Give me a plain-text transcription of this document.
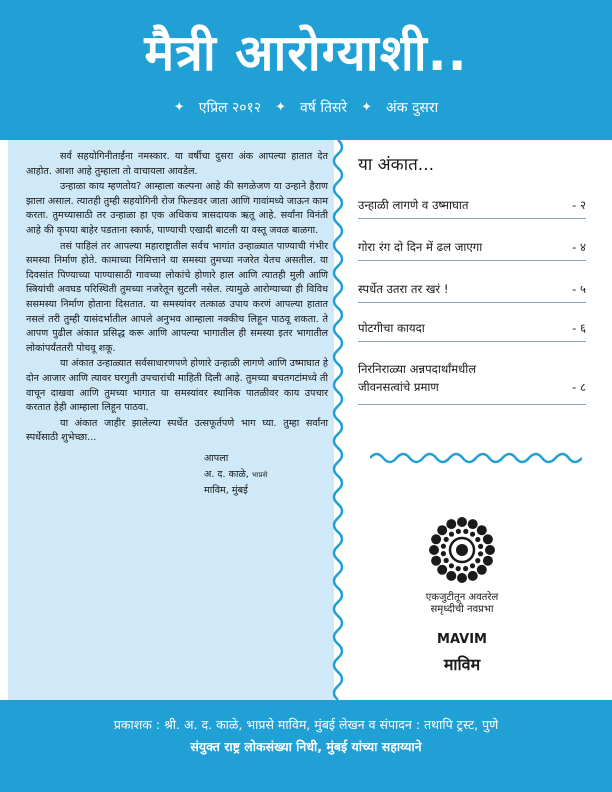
मैत्री आरोग्याशी..
✦ एप्रिल २०१२ ✦ वर्ष तिसरे ✦ अंक दुसरा

सर्व सहयोगिनीताईंना नमस्कार. या वर्षीचा दुसरा अंक आपल्या हातात देत आहोत. आशा आहे तुम्हाला तो वाचायला आवडेल.

उन्हाळा काय म्हणतोय? आम्हाला कल्पना आहे की सगळेजण या उन्हाने हैराण झाला असाल. त्यातही तुम्ही सहयोगिनी रोज फिल्डवर जाता आणि गावांमध्ये जाऊन काम करता. तुमच्यासाठी तर उन्हाळा हा एक अधिकच त्रासदायक ऋतू आहे. सर्वांना विनंती आहे की कृपया बाहेर पडताना स्कार्फ, पाण्याची एखादी बाटली या वस्तू जवळ बाळगा.

तसं पाहिलं तर आपल्या महाराष्ट्रातील सर्वच भागांत उन्हाळ्यात पाण्याची गंभीर समस्या निर्माण होते. कामाच्या निमित्ताने या समस्या तुमच्या नजरेत येतच असतील. या दिवसांत पिण्याच्या पाण्यासाठी गावच्या लोकांचे होणारे हाल आणि त्यातही मुली आणि स्त्रियांची अवघड परिस्थिती तुमच्या नजरेतून सुटली नसेल. त्यामुळे आरोग्याच्या ही विविध ससमस्या निर्माण होताना दिसतात. या समस्यांवर तत्काळ उपाय करणं आपल्या हातात नसलं तरी तुम्ही यासंदर्भातील आपले अनुभव आम्हाला नक्कीच लिहून पाठवू शकता. ते आपण पुढील अंकात प्रसिद्ध करू आणि आपल्या भागातील ही समस्या इतर भागातील लोकांपर्यंततरी पोचवू शकू.

या अंकात उन्हाळ्यात सर्वसाधारणपणे होणारे उन्हाळी लागणे आणि उष्माघात हे दोन आजार आणि त्यावर घरगुती उपचारांची माहिती दिली आहे. तुमच्या बचतगटांमध्ये ती वाचून दाखवा आणि तुमच्या भागात या समस्यांवर स्थानिक पातळीवर काय उपचार करतात हेही आम्हाला लिहून पाठवा.

या अंकात जाहीर झालेल्या स्पर्धेत उत्सफूर्तपणे भाग घ्या. तुम्हा सर्वांना स्पर्धेसाठी शुभेच्छा...

आपला
अ. द. काळे, भाप्रसे
माविम, मुंबई
या अंकात...
उन्हाळी लागणे व उष्माघात	- २
गोरा रंग दो दिन में ढल जाएगा	- ४
स्पर्धेत उतरा तर खरं !	- ५
पोटगीचा कायदा	- ६
निरनिराळ्या अन्नपदार्थांमधील जीवनसत्वांचे प्रमाण	- ८
एकजुटीतून अवतरेल समृध्दीची नवप्रभा
MAVIM
माविम
प्रकाशक : श्री. अ. द. काळे, भाप्रसे माविम, मुंबई लेखन व संपादन : तथापि ट्रस्ट, पुणे
संयुक्त राष्ट्र लोकसंख्या निधी, मुंबई यांच्या सहाय्याने
